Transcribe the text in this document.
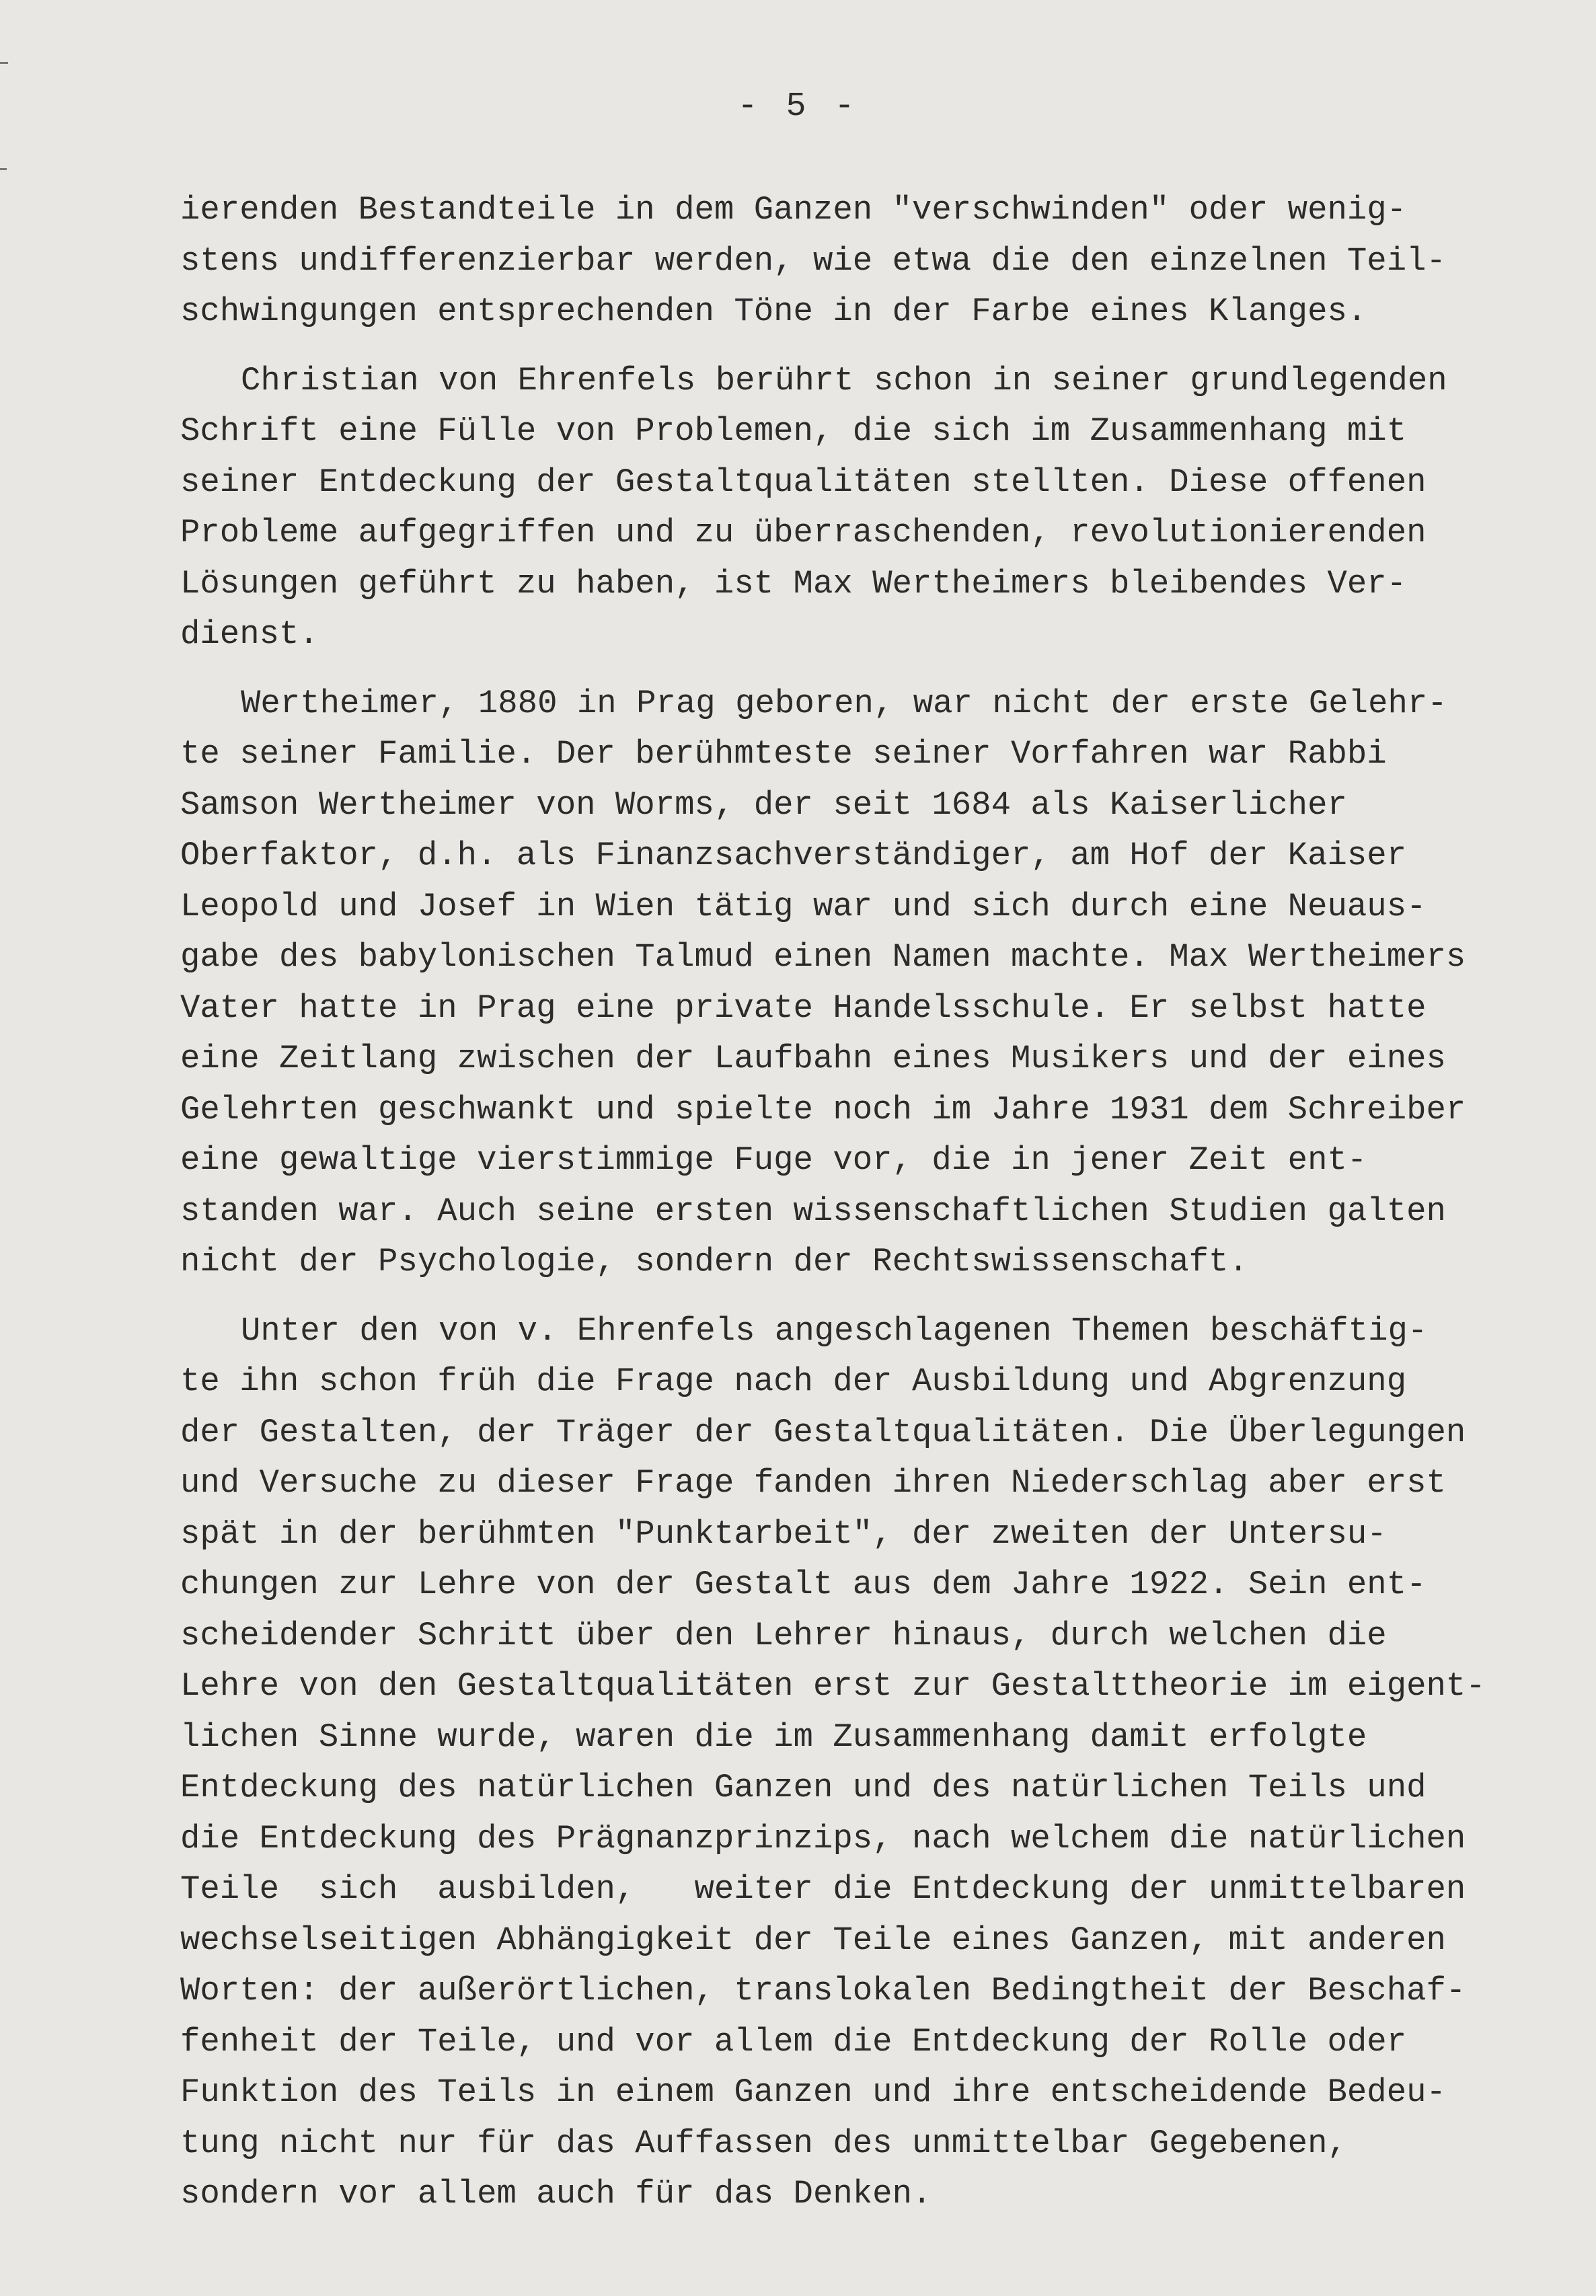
- 5 -
ierenden Bestandteile in dem Ganzen "verschwinden" oder wenig-
stens undifferenzierbar werden, wie etwa die den einzelnen Teil-
schwingungen entsprechenden Töne in der Farbe eines Klanges.
Christian von Ehrenfels berührt schon in seiner grundlegenden
Schrift eine Fülle von Problemen, die sich im Zusammenhang mit
seiner Entdeckung der Gestaltqualitäten stellten. Diese offenen
Probleme aufgegriffen und zu überraschenden, revolutionierenden
Lösungen geführt zu haben, ist Max Wertheimers bleibendes Ver-
dienst.
Wertheimer, 1880 in Prag geboren, war nicht der erste Gelehr-
te seiner Familie. Der berühmteste seiner Vorfahren war Rabbi
Samson Wertheimer von Worms, der seit 1684 als Kaiserlicher
Oberfaktor, d.h. als Finanzsachverständiger, am Hof der Kaiser
Leopold und Josef in Wien tätig war und sich durch eine Neuaus-
gabe des babylonischen Talmud einen Namen machte. Max Wertheimers
Vater hatte in Prag eine private Handelsschule. Er selbst hatte
eine Zeitlang zwischen der Laufbahn eines Musikers und der eines
Gelehrten geschwankt und spielte noch im Jahre 1931 dem Schreiber
eine gewaltige vierstimmige Fuge vor, die in jener Zeit ent-
standen war. Auch seine ersten wissenschaftlichen Studien galten
nicht der Psychologie, sondern der Rechtswissenschaft.
Unter den von v. Ehrenfels angeschlagenen Themen beschäftig-
te ihn schon früh die Frage nach der Ausbildung und Abgrenzung
der Gestalten, der Träger der Gestaltqualitäten. Die Überlegungen
und Versuche zu dieser Frage fanden ihren Niederschlag aber erst
spät in der berühmten "Punktarbeit", der zweiten der Untersu-
chungen zur Lehre von der Gestalt aus dem Jahre 1922. Sein ent-
scheidender Schritt über den Lehrer hinaus, durch welchen die
Lehre von den Gestaltqualitäten erst zur Gestalttheorie im eigent-
lichen Sinne wurde, waren die im Zusammenhang damit erfolgte
Entdeckung des natürlichen Ganzen und des natürlichen Teils und
die Entdeckung des Prägnanzprinzips, nach welchem die natürlichen
Teile  sich  ausbilden,   weiter die Entdeckung der unmittelbaren
wechselseitigen Abhängigkeit der Teile eines Ganzen, mit anderen
Worten: der außerörtlichen, translokalen Bedingtheit der Beschaf-
fenheit der Teile, und vor allem die Entdeckung der Rolle oder
Funktion des Teils in einem Ganzen und ihre entscheidende Bedeu-
tung nicht nur für das Auffassen des unmittelbar Gegebenen,
sondern vor allem auch für das Denken.
